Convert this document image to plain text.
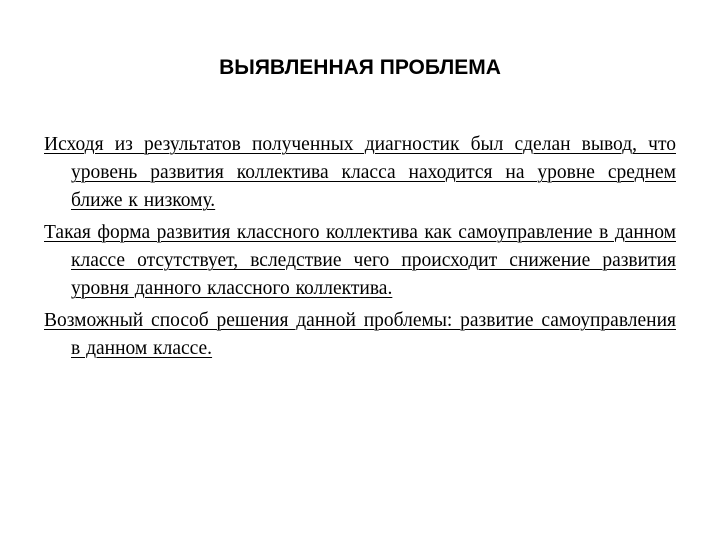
ВЫЯВЛЕННАЯ ПРОБЛЕМА

Исходя из результатов полученных диагностик был сделан вывод, что уровень развития коллектива класса находится на уровне среднем ближе к низкому.

Такая форма развития классного коллектива как самоуправление в данном классе отсутствует, вследствие чего происходит снижение развития уровня данного классного коллектива.

Возможный способ решения данной проблемы: развитие самоуправления в данном классе.
